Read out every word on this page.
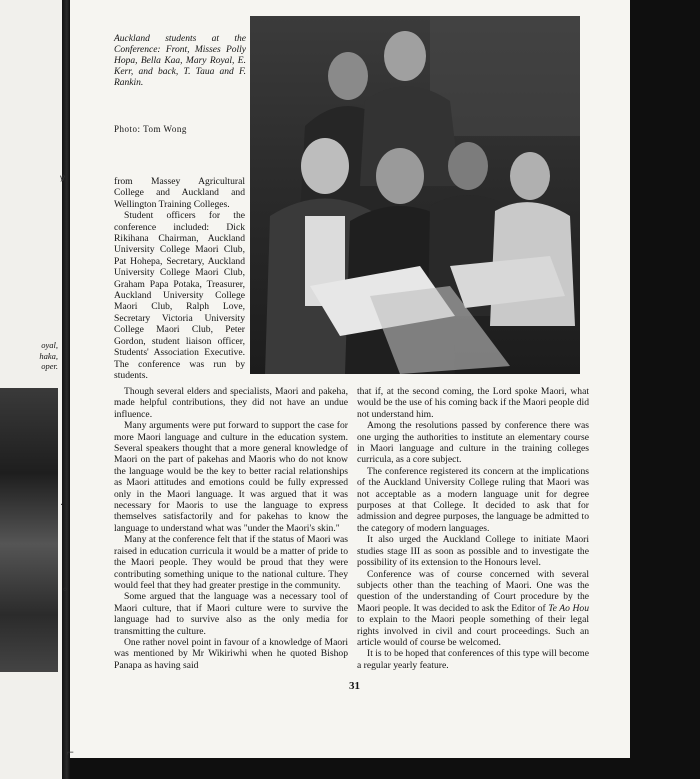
oyal,
haka,
oper.
ꝟ
·
◦
⌐
Auckland students at the Conference: Front, Misses Polly Hopa, Bella Kaa, Mary Royal, E. Kerr, and back, T. Taua and F. Rankin.
Photo: Tom Wong

from Massey Agricultural College and Auckland and Wellington Training Colleges.

Student officers for the conference included: Dick Rikihana Chairman, Auckland University College Maori Club, Pat Hohepa, Secretary, Auckland University College Maori Club, Graham Papa Potaka, Treasurer, Auckland University College Maori Club, Ralph Love, Secretary Victoria University College Maori Club, Peter Gordon, student liaison officer, Students' Association Executive. The conference was run by students.

Though several elders and specialists, Maori and pakeha, made helpful contributions, they did not have an undue influence.

Many arguments were put forward to support the case for more Maori language and culture in the education system. Several speakers thought that a more general knowledge of Maori on the part of pakehas and Maoris who do not know the language would be the key to better racial relationships as Maori attitudes and emotions could be fully expressed only in the Maori language. It was argued that it was necessary for Maoris to use the language to express themselves satisfactorily and for pakehas to know the language to understand what was "under the Maori's skin."

Many at the conference felt that if the status of Maori was raised in education curricula it would be a matter of pride to the Maori people. They would be proud that they were contributing something unique to the national culture. They would feel that they had greater prestige in the community.

Some argued that the language was a necessary tool of Maori culture, that if Maori culture were to survive the language had to survive also as the only media for transmitting the culture.

One rather novel point in favour of a knowledge of Maori was mentioned by Mr Wikiriwhi when he quoted Bishop Panapa as having said

that if, at the second coming, the Lord spoke Maori, what would be the use of his coming back if the Maori people did not understand him.

Among the resolutions passed by conference there was one urging the authorities to institute an elementary course in Maori language and culture in the training colleges curricula, as a core subject.

The conference registered its concern at the implications of the Auckland University College ruling that Maori was not acceptable as a modern language unit for degree purposes at that College. It decided to ask that for admission and degree purposes, the language be admitted to the category of modern languages.

It also urged the Auckland College to initiate Maori studies stage III as soon as possible and to investigate the possibility of its extension to the Honours level.

Conference was of course concerned with several subjects other than the teaching of Maori. One was the question of the understanding of Court procedure by the Maori people. It was decided to ask the Editor of Te Ao Hou to explain to the Maori people something of their legal rights involved in civil and court proceedings. Such an article would of course be welcomed.

It is to be hoped that conferences of this type will become a regular yearly feature.

31
